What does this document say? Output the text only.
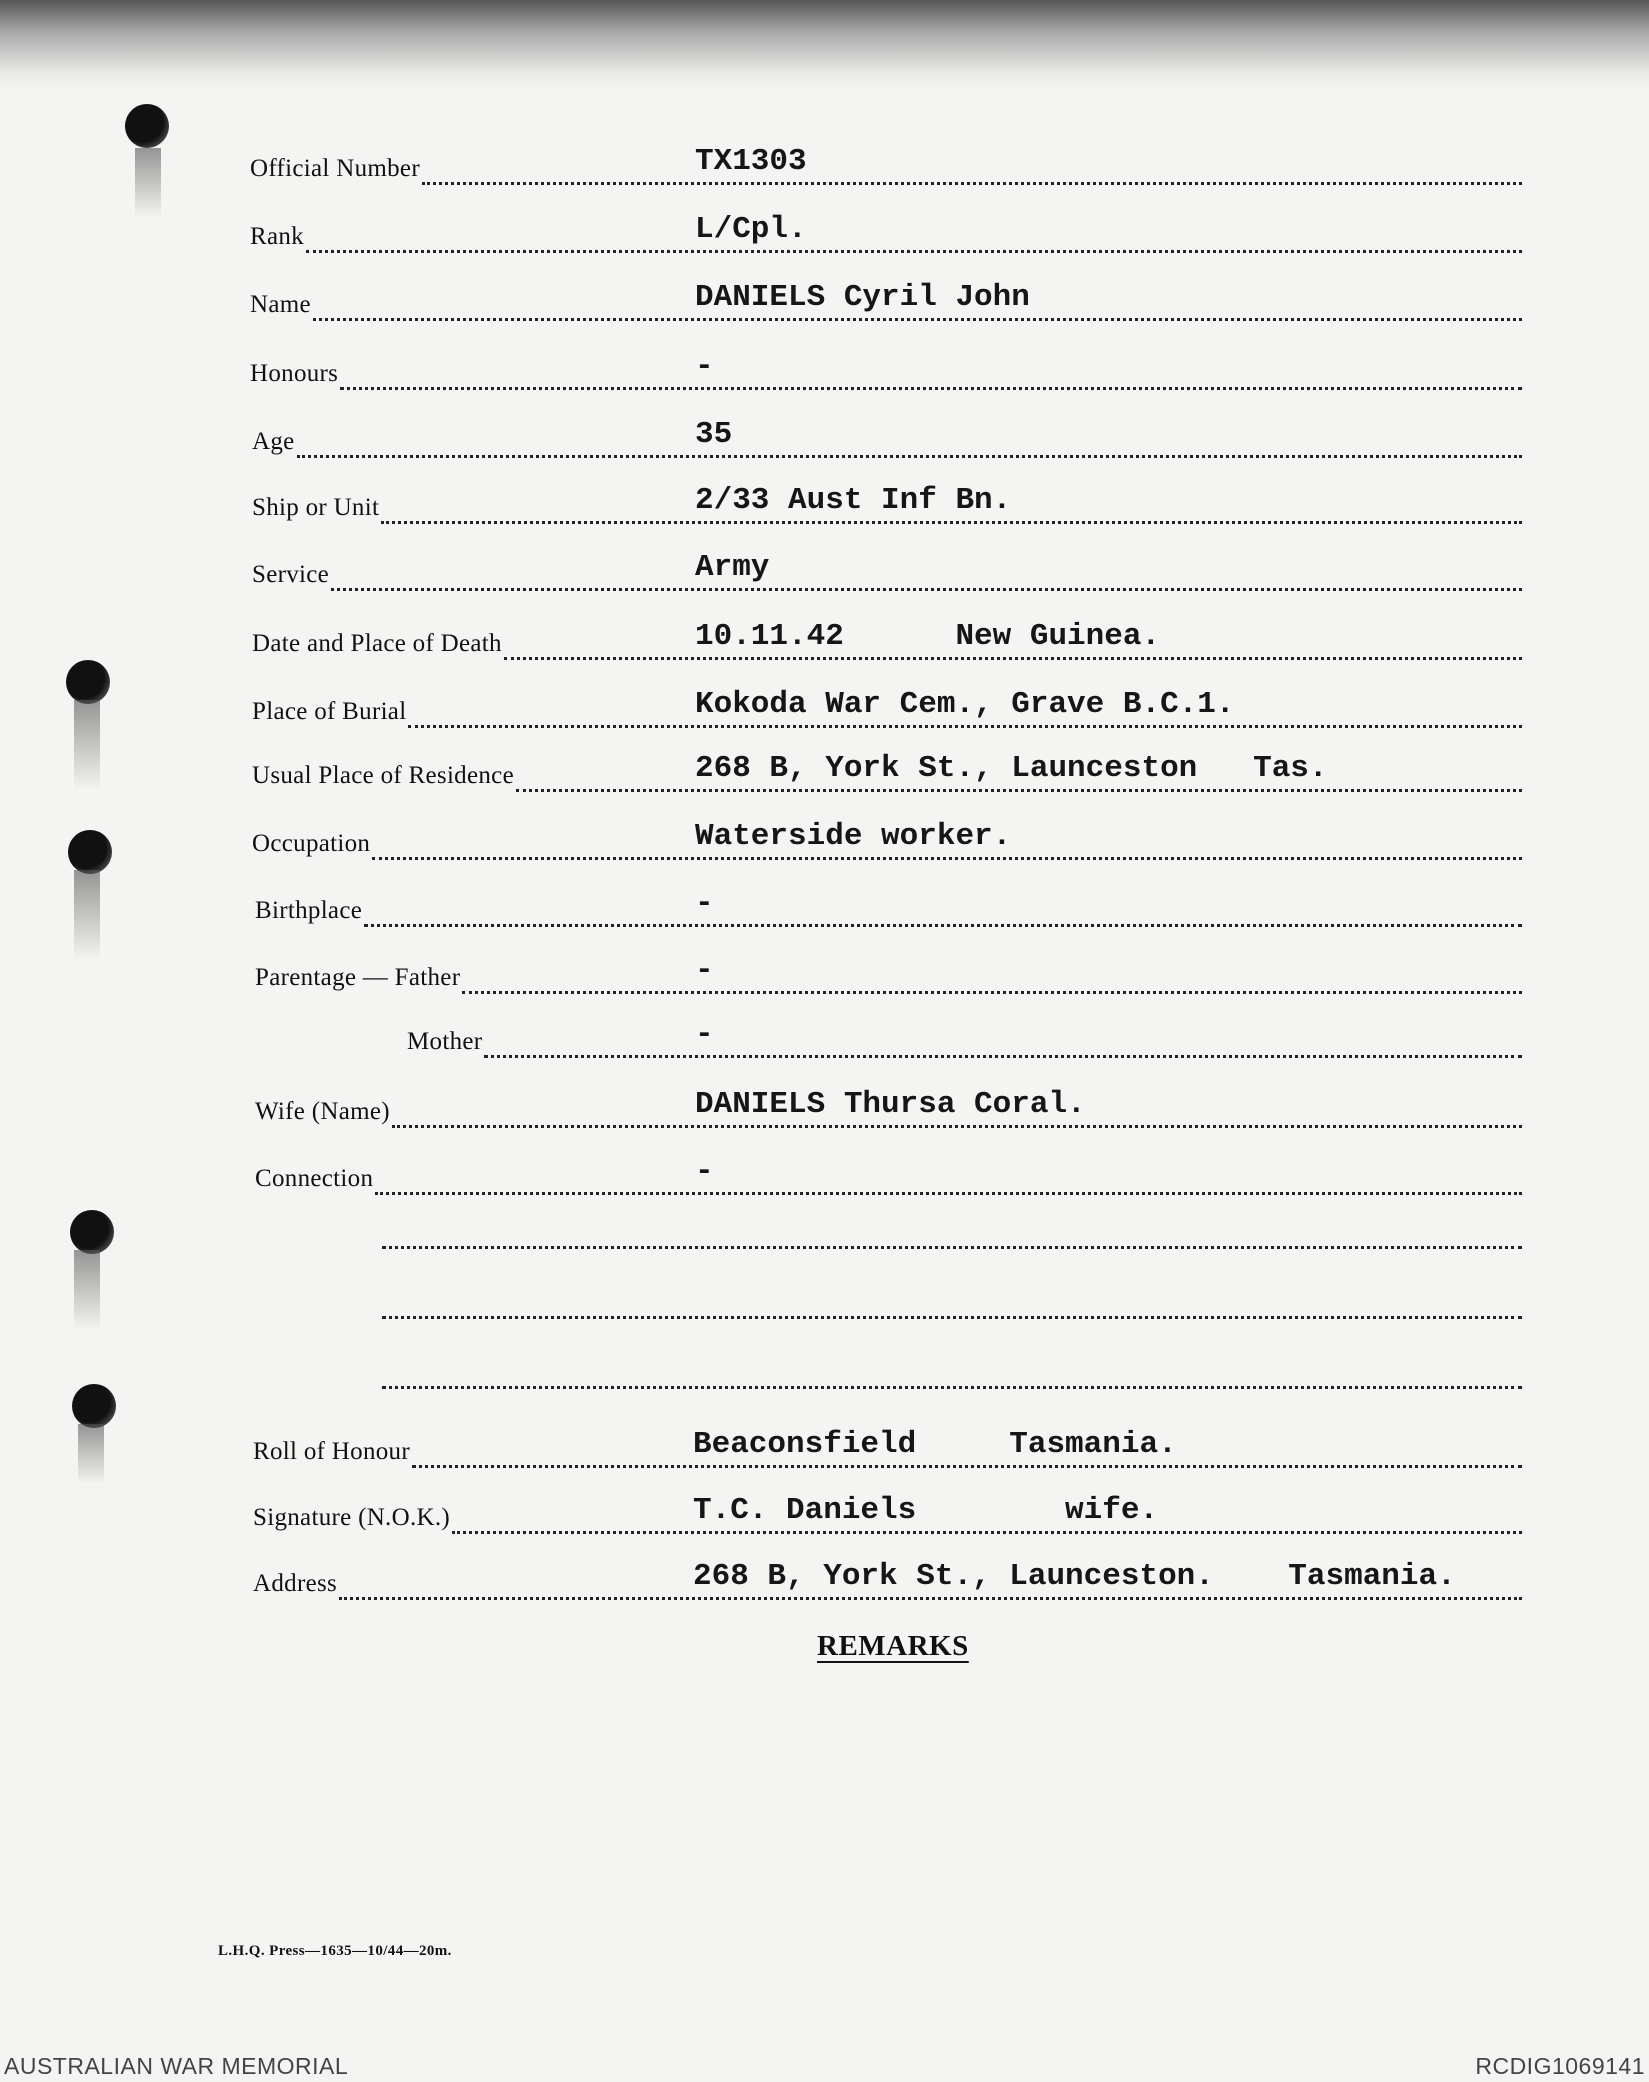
Official Number	TX1303
Rank	L/Cpl.
Name	DANIELS Cyril John
Honours	-
Age	35
Ship or Unit	2/33 Aust Inf Bn.
Service	Army
Date and Place of Death	10.11.42      New Guinea.
Place of Burial	Kokoda War Cem., Grave B.C.1.
Usual Place of Residence	268 B, York St., Launceston   Tas.
Occupation	Waterside worker.
Birthplace	-
Parentage — Father	-
Mother	-
Wife (Name)	DANIELS Thursa Coral.
Connection	-
Roll of Honour	Beaconsfield     Tasmania.
Signature (N.O.K.)	T.C. Daniels        wife.
Address	268 B, York St., Launceston.    Tasmania.
REMARKS
L.H.Q. Press—1635—10/44—20m.
AUSTRALIAN WAR MEMORIAL	RCDIG1069141
